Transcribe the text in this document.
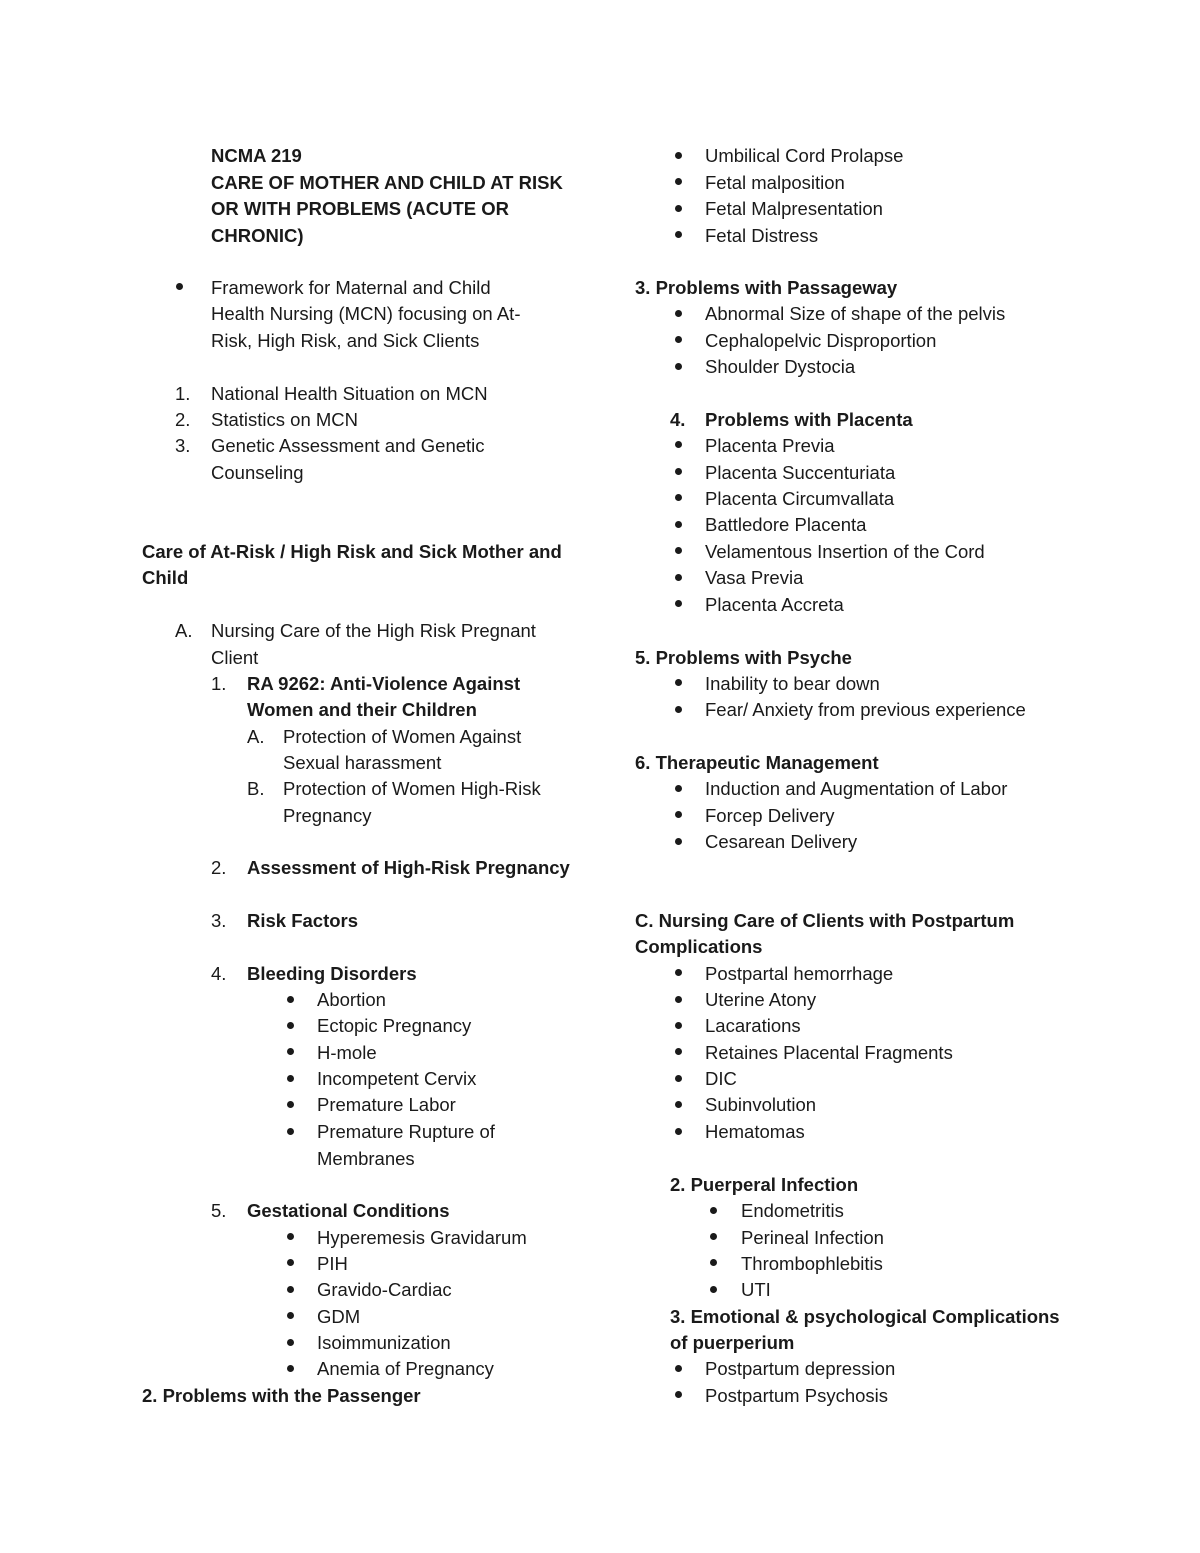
NCMA 219
CARE OF MOTHER AND CHILD AT RISK
OR WITH PROBLEMS (ACUTE OR
CHRONIC)
Framework for Maternal and Child
Health Nursing (MCN) focusing on At-
Risk, High Risk, and Sick Clients
1. National Health Situation on MCN
2. Statistics on MCN
3. Genetic Assessment and Genetic
Counseling
Care of At-Risk / High Risk and Sick Mother and
Child
A. Nursing Care of the High Risk Pregnant
Client
1. RA 9262: Anti-Violence Against
Women and their Children
A. Protection of Women Against
Sexual harassment
B. Protection of Women High-Risk
Pregnancy
2. Assessment of High-Risk Pregnancy
3. Risk Factors
4. Bleeding Disorders
Abortion
Ectopic Pregnancy
H-mole
Incompetent Cervix
Premature Labor
Premature Rupture of
Membranes
5. Gestational Conditions
Hyperemesis Gravidarum
PIH
Gravido-Cardiac
GDM
Isoimmunization
Anemia of Pregnancy
2. Problems with the Passenger
Umbilical Cord Prolapse
Fetal malposition
Fetal Malpresentation
Fetal Distress
3. Problems with Passageway
Abnormal Size of shape of the pelvis
Cephalopelvic Disproportion
Shoulder Dystocia
4. Problems with Placenta
Placenta Previa
Placenta Succenturiata
Placenta Circumvallata
Battledore Placenta
Velamentous Insertion of the Cord
Vasa Previa
Placenta Accreta
5. Problems with Psyche
Inability to bear down
Fear/ Anxiety from previous experience
6. Therapeutic Management
Induction and Augmentation of Labor
Forcep Delivery
Cesarean Delivery
C. Nursing Care of Clients with Postpartum
Complications
Postpartal hemorrhage
Uterine Atony
Lacarations
Retaines Placental Fragments
DIC
Subinvolution
Hematomas
2. Puerperal Infection
Endometritis
Perineal Infection
Thrombophlebitis
UTI
3. Emotional & psychological Complications
of puerperium
Postpartum depression
Postpartum Psychosis
